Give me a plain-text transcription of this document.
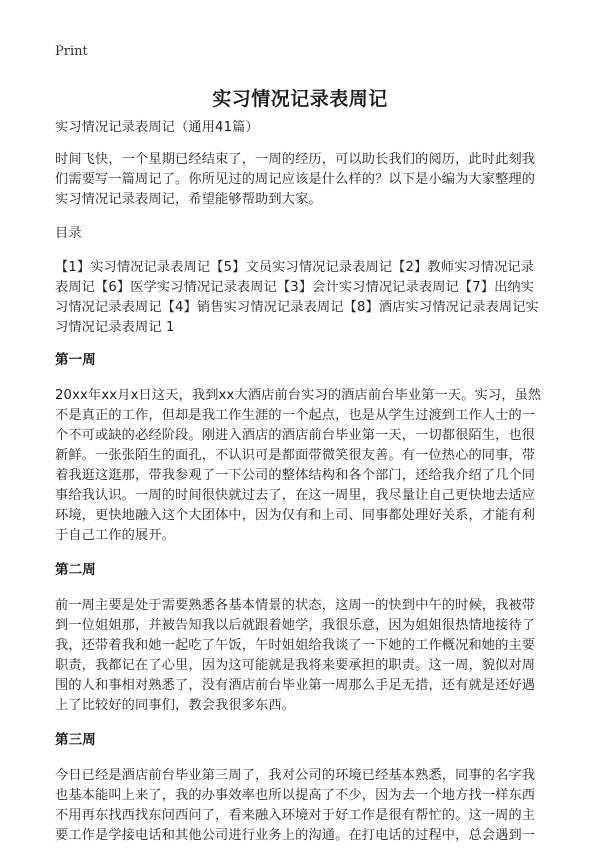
Print
实习情况记录表周记

实习情况记录表周记（通用41篇）

时间飞快，一个星期已经结束了，一周的经历，可以助长我们的阅历，此时此刻我们需要写一篇周记了。你所见过的周记应该是什么样的？以下是小编为大家整理的实习情况记录表周记，希望能够帮助到大家。

目录

【1】实习情况记录表周记【5】文员实习情况记录表周记【2】教师实习情况记录表周记【6】医学实习情况记录表周记【3】会计实习情况记录表周记【7】出纳实习情况记录表周记【4】销售实习情况记录表周记【8】酒店实习情况记录表周记实习情况记录表周记 1

第一周

20xx年xx月x日这天，我到xx大酒店前台实习的酒店前台毕业第一天。实习，虽然不是真正的工作，但却是我工作生涯的一个起点，也是从学生过渡到工作人士的一个不可或缺的必经阶段。刚进入酒店的酒店前台毕业第一天，一切都很陌生，也很新鲜。一张张陌生的面孔，不认识可是都面带微笑很友善。有一位热心的同事，带着我逛这逛那，带我参观了一下公司的整体结构和各个部门，还给我介绍了几个同事给我认识。一周的时间很快就过去了，在这一周里，我尽量让自己更快地去适应环境，更快地融入这个大团体中，因为仅有和上司、同事都处理好关系，才能有利于自己工作的展开。

第二周

前一周主要是处于需要熟悉各基本情景的状态，这周一的快到中午的时候，我被带到一位姐姐那，并被告知我以后就跟着她学，我很乐意，因为姐姐很热情地接待了我，还带着我和她一起吃了午饭，午时姐姐给我谈了一下她的工作概况和她的主要职责，我都记在了心里，因为这可能就是我将来要承担的职责。这一周，貌似对周围的人和事相对熟悉了，没有酒店前台毕业第一周那么手足无措，还有就是还好遇上了比较好的同事们，教会我很多东西。

第三周

今日已经是酒店前台毕业第三周了，我对公司的环境已经基本熟悉，同事的名字我也基本能叫上来了，我的办事效率也所以提高了不少，因为去一个地方找一样东西不用再东找西找东问西问了，看来融入环境对于好工作是很有帮忙的。这一周的主要工作是学接电话和其他公司进行业务上的沟通。在打电话的过程中，总会遇到一
